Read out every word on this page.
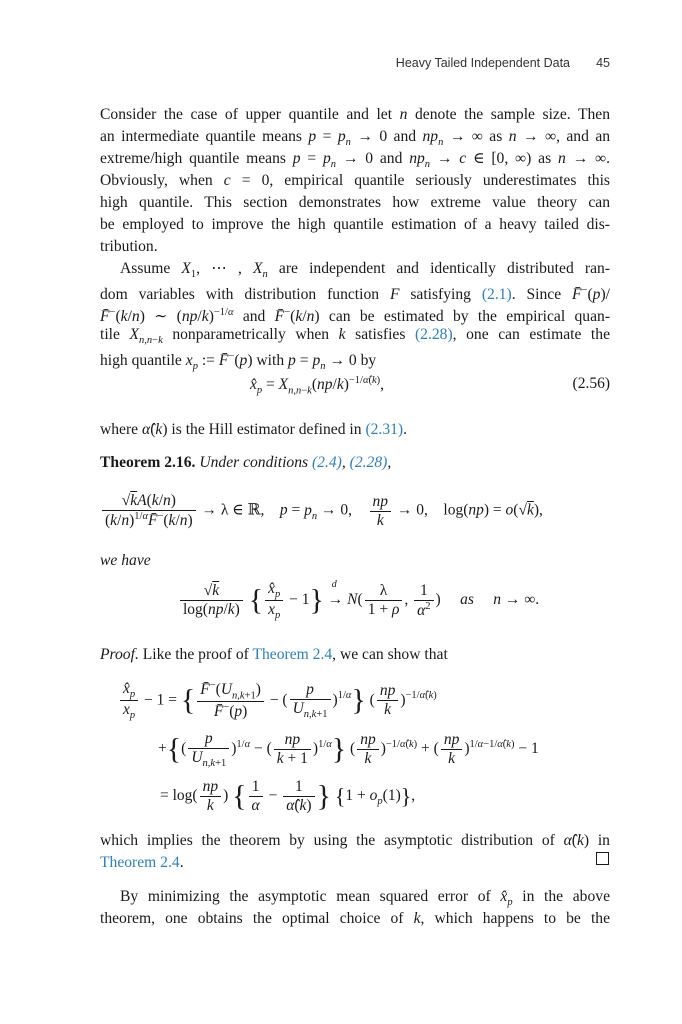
Heavy Tailed Independent Data 45
Consider the case of upper quantile and let n denote the sample size. Then
an intermediate quantile means $p = p_n \to 0$ and $np_n$ → ∞ as n → ∞, and an
extreme/high quantile means $p = p_n \to 0$ and $np_n \to c$ ∈ [0, ∞) as n → ∞.
Obviously, when c = 0, empirical quantile seriously underestimates this
high quantile. This section demonstrates how extreme value theory can
be employed to improve the high quantile estimation of a heavy tailed dis-
tribution.
Assume $X_1$, ⋯ , $X_n$ are independent and identically distributed ran-
dom variables with distribution function F satisfying (2.1). Since F̄−(p)/
F̄−(k/n) ∼ $(np/k)^{-1/\alpha}$ and F̄−(k/n) can be estimated by the empirical quan-
tile $X_{n,n-k}$ nonparametrically when k satisfies (2.28), one can estimate the
high quantile $x_p$ := F̄−(p) with $p = p_n \to 0$ by
$x̂_p = X_{n,n-k}(np/k)^{-1/\alphâ(k)}$,	(2.56)
where α̂(k) is the Hill estimator defined in (2.31).
Theorem 2.16. Under conditions (2.4), (2.28),
$\frac{√kA(k/n)}{(k/n)^{1/\alpha}F̄^-(k/n)} \to \lambda$ ∈ ℝ,    $p = p_n \to 0$, $\frac{np}{k} \to 0$,    log(np) = o(√k),
we have
$\frac{√k}{\log(np/k)}$ { $\frac{x̂_p}{x_p} - 1$} →
d
$N( \frac{\lambda}{1 + \rho}$ , $\frac{1}{\alpha^2}$ )     as n → ∞.
Proof. Like the proof of Theorem 2.4, we can show that
$\frac{x̂_p}{x_p} - 1$ = { $\frac{F̄^-(U_{n,k+1})}{F̄^-(p)}$ − ( $\frac{p}{U_{n,k+1}} )^{1/\alpha}$} ( $\frac{np}{k} )^{-1/\alphâ(k)}$
+{( $\frac{p}{U_{n,k+1}} )^{1/\alpha}$ − ( $\frac{np}{k + 1} )^{1/\alpha}$} ( $\frac{np}{k} )^{-1/\alphâ(k)}$ + ( $\frac{np}{k} )^{1/\alpha-1/\alphâ(k)} - 1$
= $\log( \frac{np}{k}$ ) { $\frac{1}{\alpha} - \frac{1}{\alphâ(k)}$ } $\{1 + o_p(1)\}$,
which implies the theorem by using the asymptotic distribution of α̂(k) in
Theorem 2.4.
By minimizing the asymptotic mean squared error of $x̂_p$ in the above
theorem, one obtains the optimal choice of k, which happens to be the
